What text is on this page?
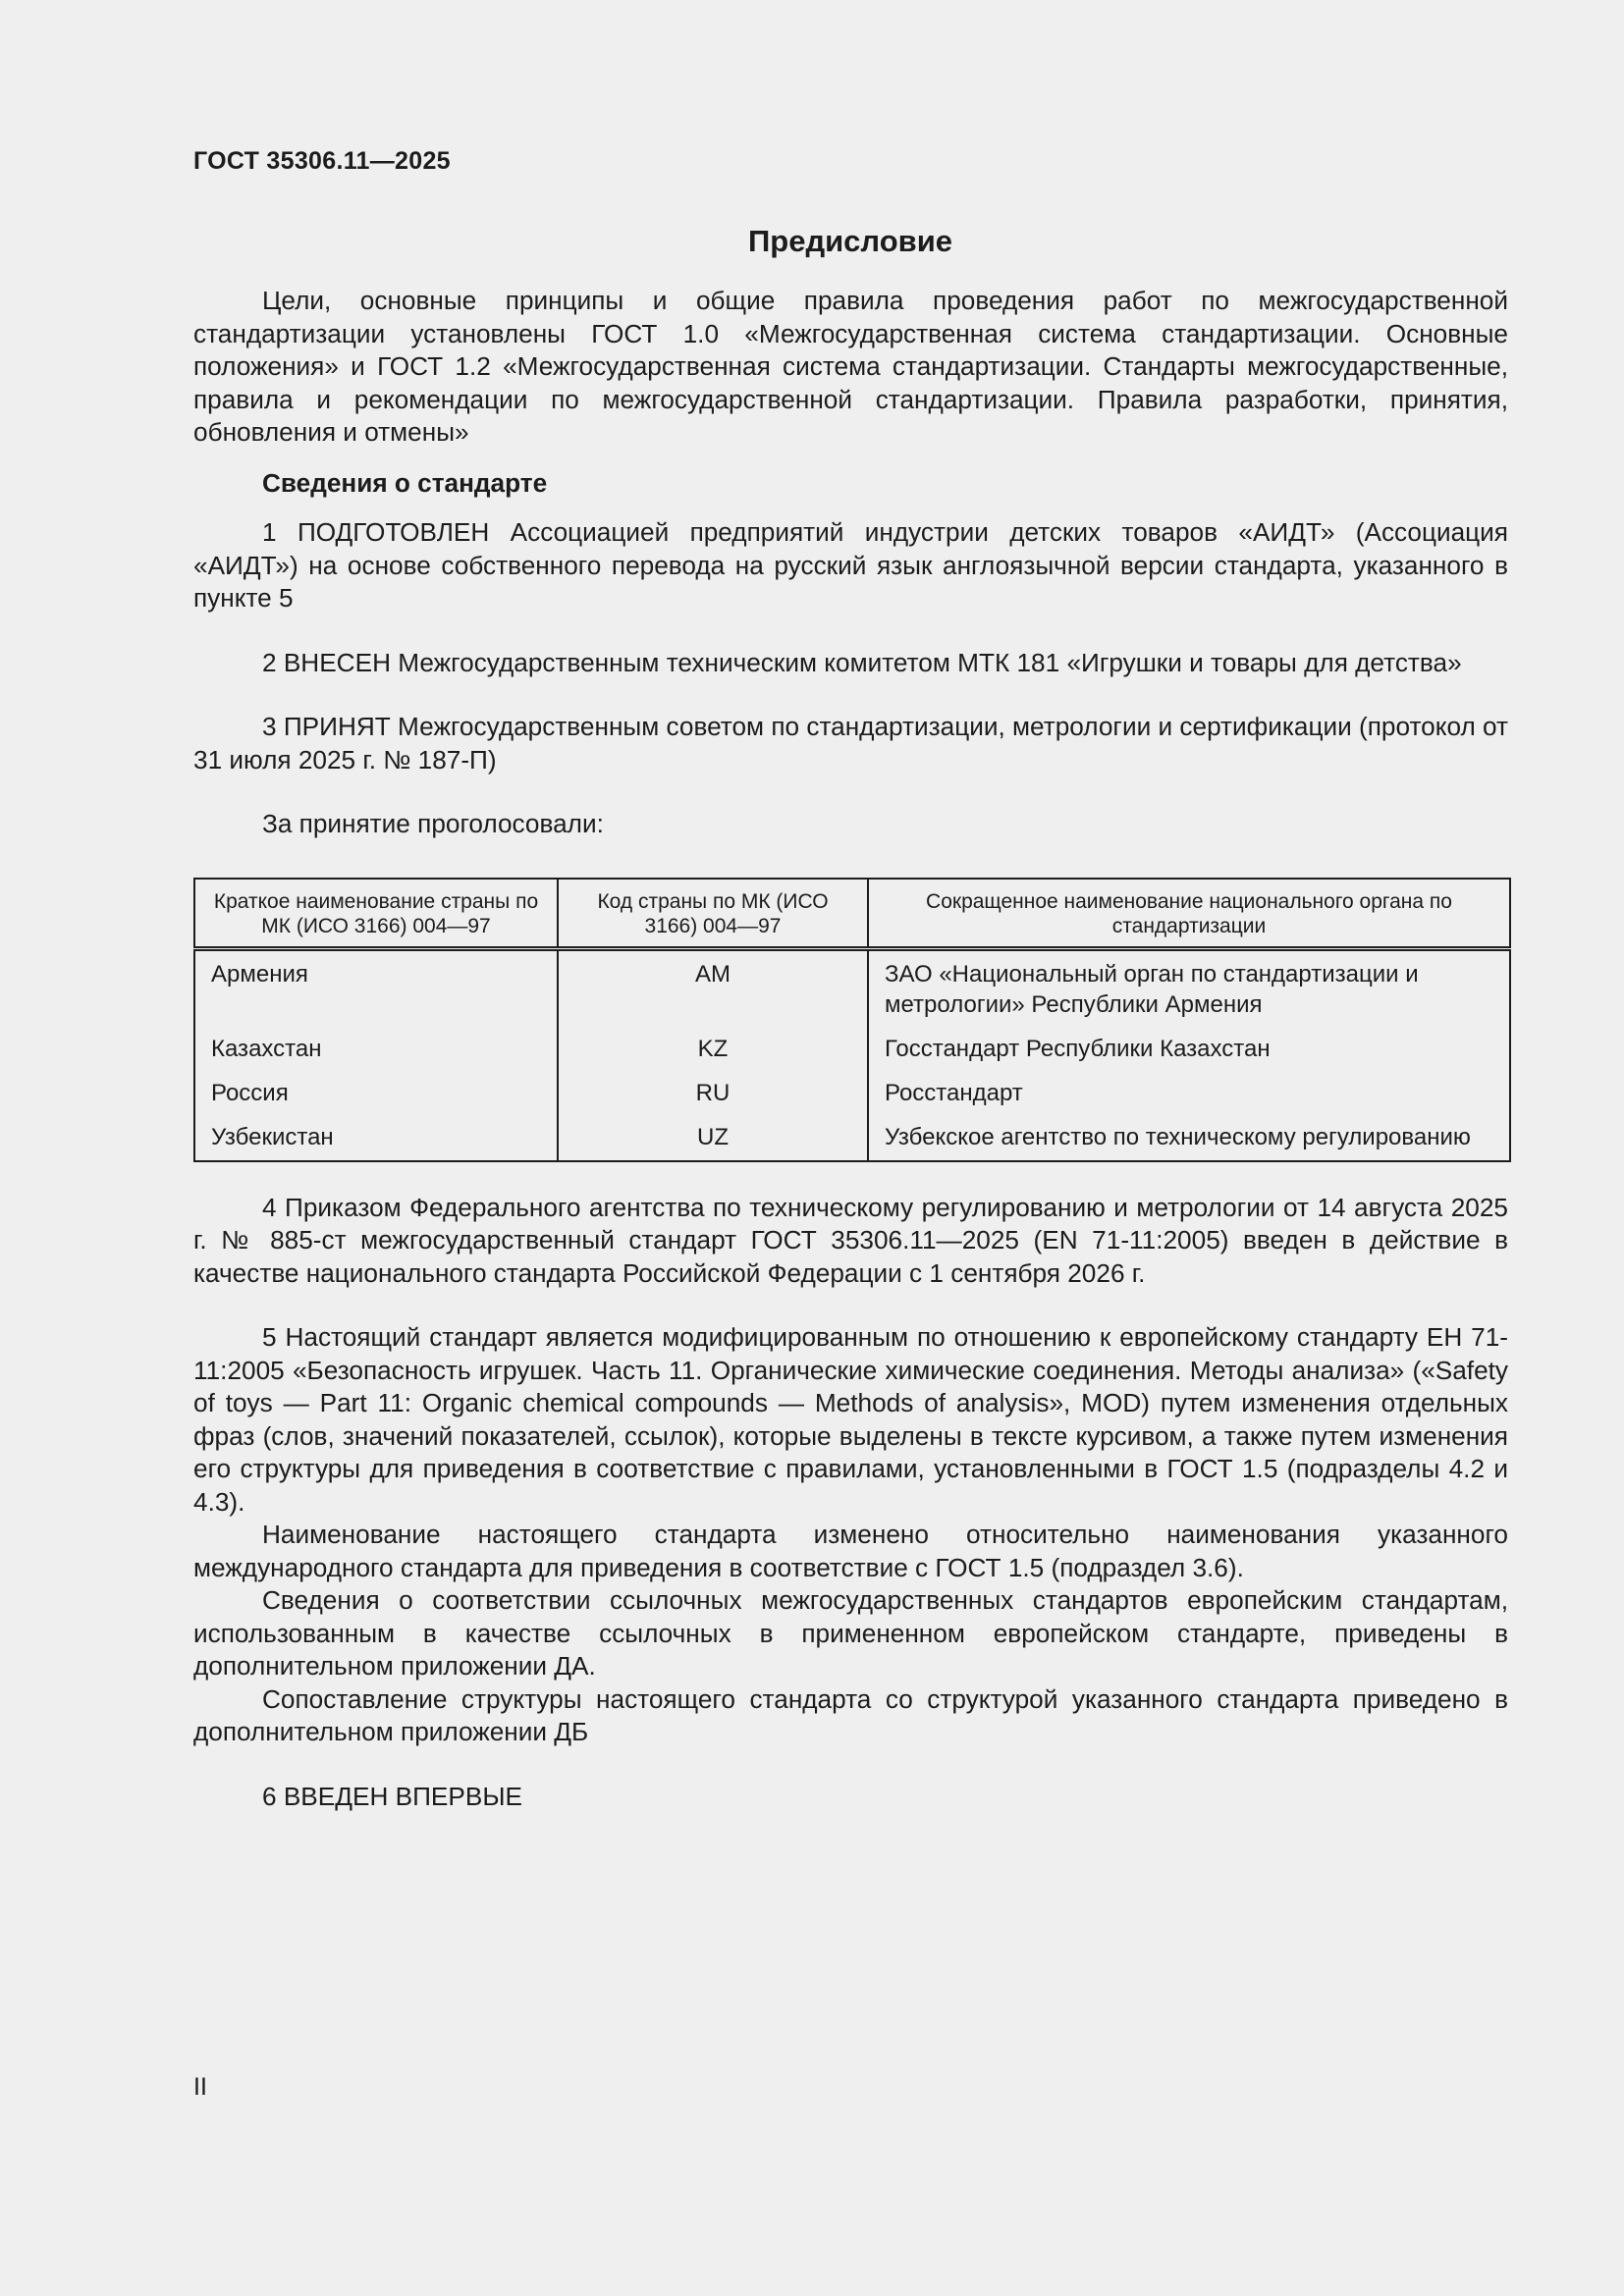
ГОСТ 35306.11—2025
Предисловие

Цели, основные принципы и общие правила проведения работ по межгосударственной стандартизации установлены ГОСТ 1.0 «Межгосударственная система стандартизации. Основные положения» и ГОСТ 1.2 «Межгосударственная система стандартизации. Стандарты межгосударственные, правила и рекомендации по межгосударственной стандартизации. Правила разработки, принятия, обновления и отмены»

Сведения о стандарте

1 ПОДГОТОВЛЕН Ассоциацией предприятий индустрии детских товаров «АИДТ» (Ассоциация «АИДТ») на основе собственного перевода на русский язык англоязычной версии стандарта, указанного в пункте 5

2 ВНЕСЕН Межгосударственным техническим комитетом МТК 181 «Игрушки и товары для детства»

3 ПРИНЯТ Межгосударственным советом по стандартизации, метрологии и сертификации (протокол от 31 июля 2025 г. № 187-П)

За принятие проголосовали:

Краткое наименование страны по МК (ИСО 3166) 004—97	Код страны по МК (ИСО 3166) 004—97	Сокращенное наименование национального органа по стандартизации
Армения	AM	ЗАО «Национальный орган по стандартизации и метрологии» Республики Армения
Казахстан	KZ	Госстандарт Республики Казахстан
Россия	RU	Росстандарт
Узбекистан	UZ	Узбекское агентство по техническому регулированию

4 Приказом Федерального агентства по техническому регулированию и метрологии от 14 августа 2025 г. № 885-ст межгосударственный стандарт ГОСТ 35306.11—2025 (EN 71-11:2005) введен в действие в качестве национального стандарта Российской Федерации с 1 сентября 2026 г.

5 Настоящий стандарт является модифицированным по отношению к европейскому стандарту ЕН 71-11:2005 «Безопасность игрушек. Часть 11. Органические химические соединения. Методы анализа» («Safety of toys — Part 11: Organic chemical compounds — Methods of analysis», MOD) путем изменения отдельных фраз (слов, значений показателей, ссылок), которые выделены в тексте курсивом, а также путем изменения его структуры для приведения в соответствие с правилами, установленными в ГОСТ 1.5 (подразделы 4.2 и 4.3).

Наименование настоящего стандарта изменено относительно наименования указанного международного стандарта для приведения в соответствие с ГОСТ 1.5 (подраздел 3.6).

Сведения о соответствии ссылочных межгосударственных стандартов европейским стандартам, использованным в качестве ссылочных в примененном европейском стандарте, приведены в дополнительном приложении ДА.

Сопоставление структуры настоящего стандарта со структурой указанного стандарта приведено в дополнительном приложении ДБ

6 ВВЕДЕН ВПЕРВЫЕ

II
